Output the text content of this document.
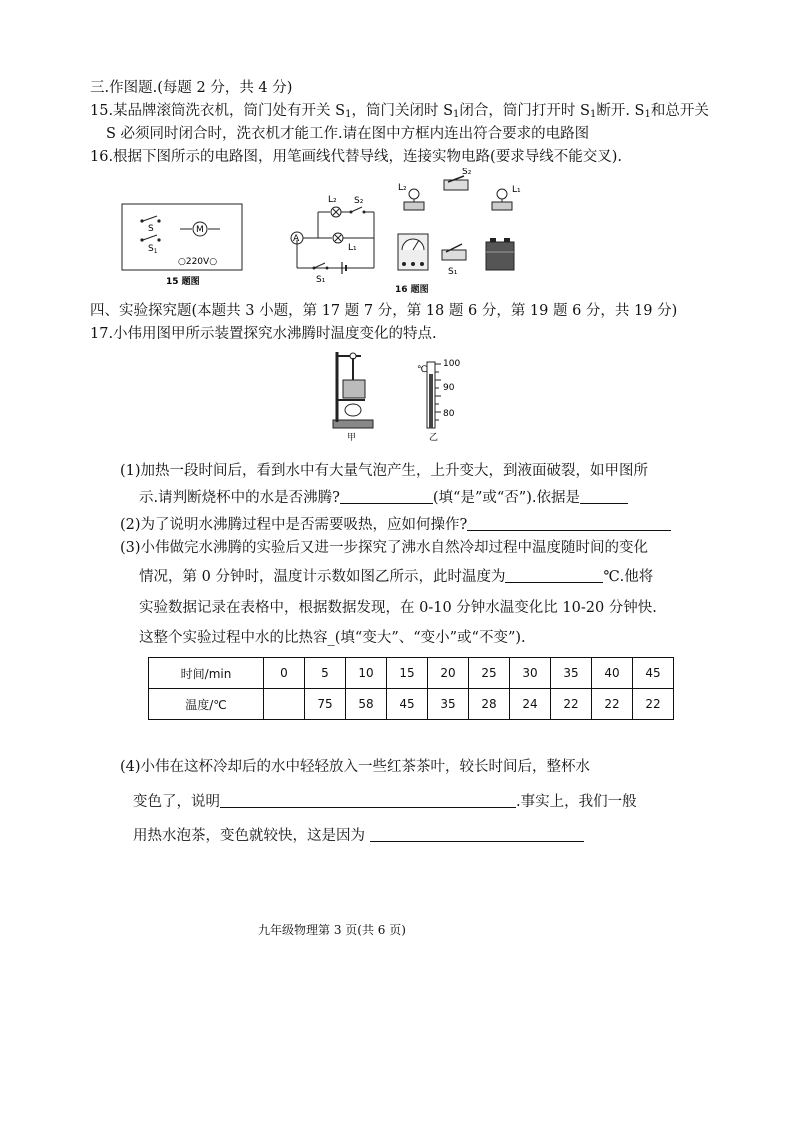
三.作图题.(每题 2 分，共 4 分)
15.某品牌滚筒洗衣机，筒门处有开关 $S_1$，筒门关闭时 $S_1$闭合，筒门打开时 $S_1$断开. $S_1$和总开关
S 必须同时闭合时，洗衣机才能工作.请在图中方框内连出符合要求的电路图
16.根据下图所示的电路图，用笔画线代替导线，连接实物电路(要求导线不能交叉).
S
$S_1$
M
○220V○
15 题图
A
L₂ S₂
L₁
S₁
16 题图
L₂
S₂
L₁
S₁
四、实验探究题(本题共 3 小题，第 17 题 7 分，第 18 题 6 分，第 19 题 6 分，共 19 分)
17.小伟用图甲所示装置探究水沸腾时温度变化的特点.
甲
℃
100
90
80
乙
(1)加热一段时间后，看到水中有大量气泡产生，上升变大，到液面破裂，如甲图所
示.请判断烧杯中的水是否沸腾?	(填“是”或“否”).依据是
(2)为了说明水沸腾过程中是否需要吸热，应如何操作?
(3)小伟做完水沸腾的实验后又进一步探究了沸水自然冷却过程中温度随时间的变化
情况，第 0 分钟时，温度计示数如图乙所示，此时温度为	℃.他将
实验数据记录在表格中，根据数据发现，在 0-10 分钟水温变化比 10-20 分钟快.
这整个实验过程中水的比热容_(填“变大”、“变小”或“不变”).
时间/min	0	5	10	15	20	25	30	35	40	45
温度/℃		75	58	45	35	28	24	22	22	22
(4)小伟在这杯冷却后的水中轻轻放入一些红茶茶叶，较长时间后，整杯水
变色了，说明	.事实上，我们一般
用热水泡茶，变色就较快，这是因为
九年级物理第 3 页(共 6 页)
